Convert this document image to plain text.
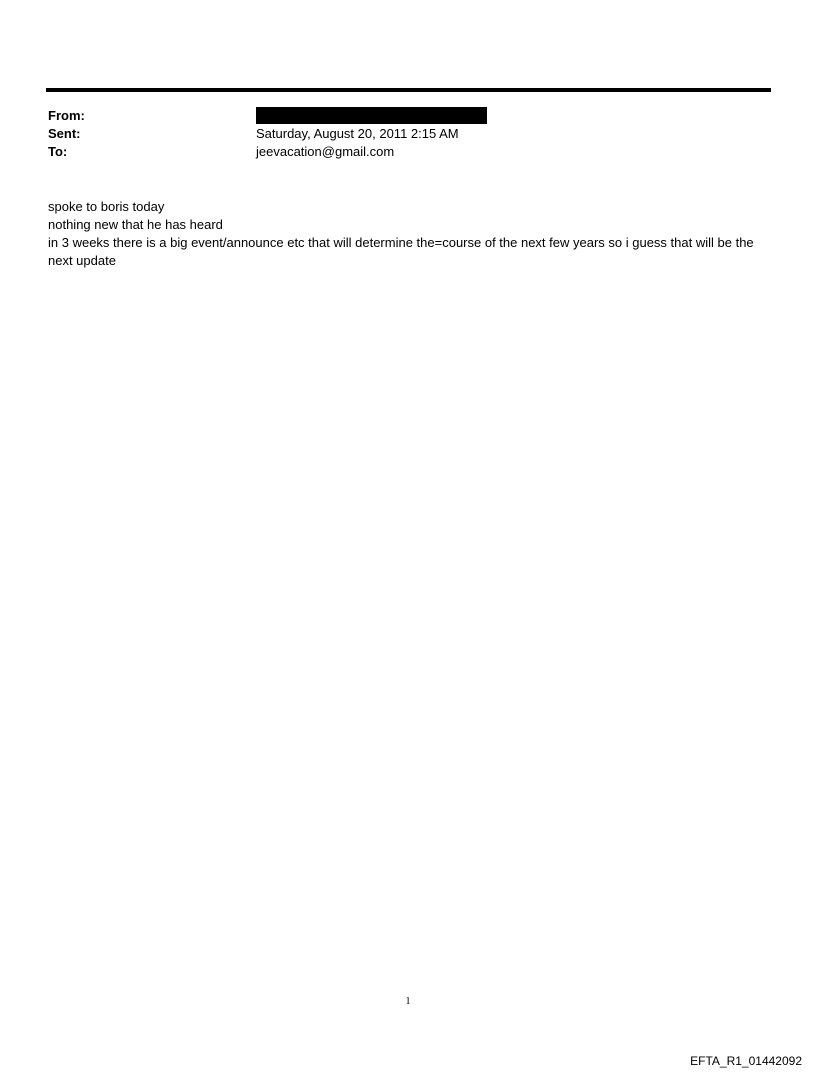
From:
Sent:	Saturday, August 20, 2011 2:15 AM
To:	jeevacation@gmail.com
spoke to boris today
nothing new that he has heard
in 3 weeks there is a big event/announce etc that will determine the=course of the next few years so i guess that will be the next update
1
EFTA_R1_01442092
